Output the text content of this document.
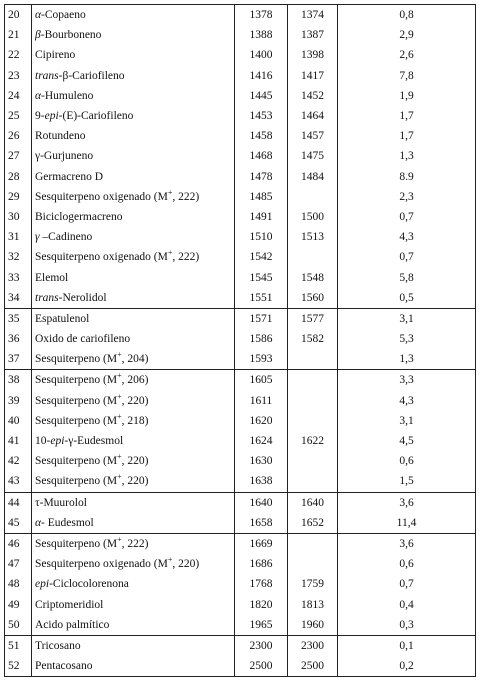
20	α-Copaeno	1378	1374	0,8
21	β-Bourboneno	1388	1387	2,9
22	Cipireno	1400	1398	2,6
23	trans-β-Cariofileno	1416	1417	7,8
24	α-Humuleno	1445	1452	1,9
25	9-epi-(E)-Cariofileno	1453	1464	1,7
26	Rotundeno	1458	1457	1,7
27	γ-Gurjuneno	1468	1475	1,3
28	Germacreno D	1478	1484	8.9
29	Sesquiterpeno oxigenado (M+, 222)	1485		2,3
30	Biciclogermacreno	1491	1500	0,7
31	γ –Cadineno	1510	1513	4,3
32	Sesquiterpeno oxigenado (M+, 222)	1542		0,7
33	Elemol	1545	1548	5,8
34	trans-Nerolidol	1551	1560	0,5
35	Espatulenol	1571	1577	3,1
36	Oxido de cariofileno	1586	1582	5,3
37	Sesquiterpeno (M+, 204)	1593		1,3
38	Sesquiterpeno (M+, 206)	1605		3,3
39	Sesquiterpeno (M+, 220)	1611		4,3
40	Sesquiterpeno (M+, 218)	1620		3,1
41	10-epi-γ-Eudesmol	1624	1622	4,5
42	Sesquiterpeno (M+, 220)	1630		0,6
43	Sesquiterpeno (M+, 220)	1638		1,5
44	τ-Muurolol	1640	1640	3,6
45	α- Eudesmol	1658	1652	11,4
46	Sesquiterpeno (M+, 222)	1669		3,6
47	Sesquiterpeno oxigenado (M+, 220)	1686		0,6
48	epi-Ciclocolorenona	1768	1759	0,7
49	Criptomeridiol	1820	1813	0,4
50	Acido palmítico	1965	1960	0,3
51	Tricosano	2300	2300	0,1
52	Pentacosano	2500	2500	0,2
